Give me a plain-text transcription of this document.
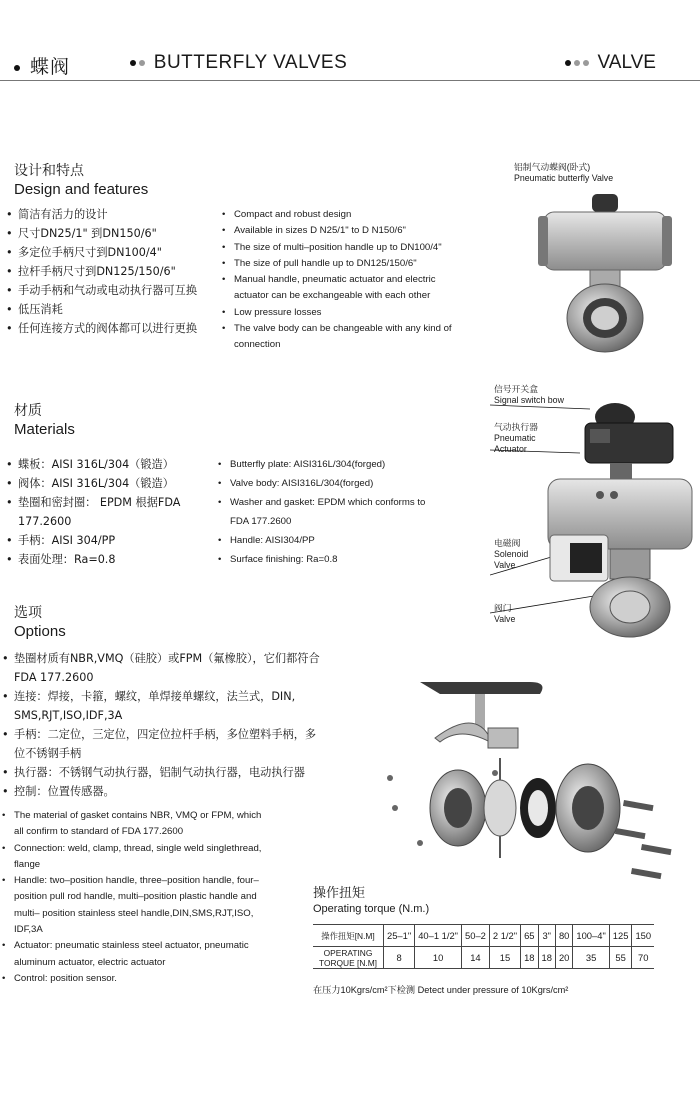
蝶阀	BUTTERFLY VALVES	VALVE
设计和特点
Design and features
• 简洁有活力的设计
• 尺寸DN25/1" 到DN150/6"
• 多定位手柄尺寸到DN100/4"
• 拉杆手柄尺寸到DN125/150/6"
• 手动手柄和气动或电动执行器可互换
• 低压消耗
• 任何连接方式的阀体都可以进行更换
• Compact and robust design
• Available in sizes D N25/1" to D N150/6"
• The size of multi–position handle up to DN100/4"
• The size of pull handle up to DN125/150/6"
• Manual handle, pneumatic actuator and electric actuator can be exchangeable with each other
• Low pressure losses
• The valve body can be changeable with any kind of connection
材质
Materials
• 蝶板：AISI 316L/304（锻造）
• 阀体：AISI 316L/304（锻造）
• 垫圈和密封圈： EPDM 根据FDA 177.2600
• 手柄：AISI 304/PP
• 表面处理：Ra=0.8
• Butterfly plate: AISI316L/304(forged)
• Valve body: AISI316L/304(forged)
• Washer and gasket: EPDM which conforms to FDA 177.2600
• Handle: AISI304/PP
• Surface finishing: Ra=0.8
选项
Options
• 垫圈材质有NBR,VMQ（硅胶）或FPM（氟橡胶），它们都符合FDA 177.2600
• 连接：焊接，卡箍，螺纹，单焊接单螺纹，法兰式，DIN, SMS,RJT,ISO,IDF,3A
• 手柄：二定位，三定位，四定位拉杆手柄，多位塑料手柄，多位不锈钢手柄
• 执行器：不锈钢气动执行器，铝制气动执行器，电动执行器
• 控制：位置传感器。
• The material of gasket contains NBR, VMQ or FPM, which all confirm to standard of FDA 177.2600
• Connection: weld, clamp, thread, single weld singlethread, flange
• Handle: two–position handle, three–position handle, four–position pull rod handle, multi–position plastic handle and multi– position stainless steel handle,DIN,SMS,RJT,ISO, IDF,3A
• Actuator: pneumatic stainless steel actuator, pneumatic aluminum actuator, electric actuator
• Control: position sensor.
铝制气动蝶阀(卧式)
Pneumatic butterfly Valve
信号开关盒
Signal switch bow
气动执行器
Pneumatic Actuator
电磁阀
Solenoid Valve
阀门
Valve
操作扭矩
Operating torque (N.m.)
操作扭矩[N.M]	25–1"	40–1 1/2"	50–2	2 1/2"	65	3"	80	100–4"	125	150
OPERATING TORQUE [N.M]	8	10	14	15	18	18	20	35	55	70
在压力10Kgrs/cm²下检测 Detect under pressure of 10Kgrs/cm²
